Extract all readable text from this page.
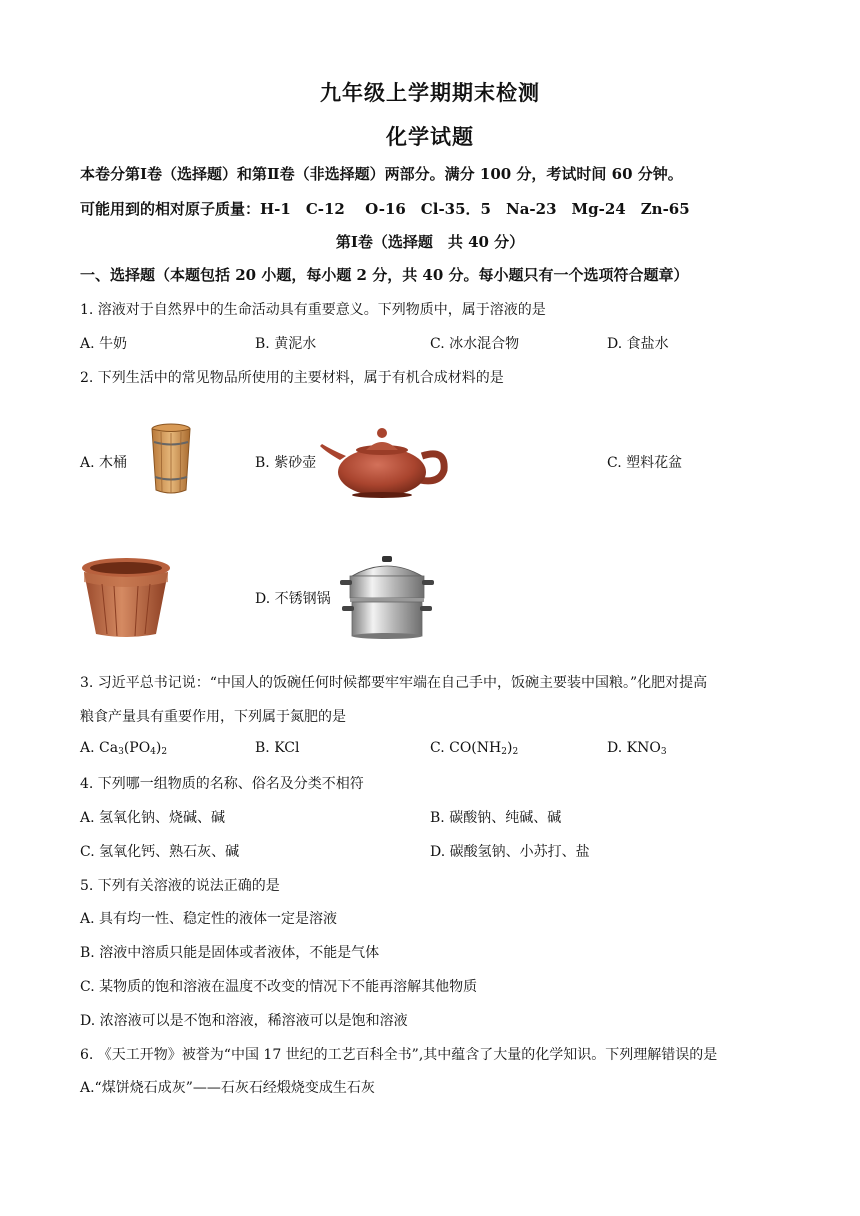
九年级上学期期末检测
化学试题
本卷分第Ⅰ卷（选择题）和第Ⅱ卷（非选择题）两部分。满分 100 分，考试时间 60 分钟。
可能用到的相对原子质量：H-1　C-12　 O-16　Cl-35．5　Na-23　Mg-24　Zn-65
第Ⅰ卷（选择题　共 40 分）
一、选择题（本题包括 20 小题，每小题 2 分，共 40 分。每小题只有一个选项符合题章）
1. 溶液对于自然界中的生命活动具有重要意义。下列物质中，属于溶液的是
A. 牛奶	B. 黄泥水	C. 冰水混合物	D. 食盐水
2. 下列生活中的常见物品所使用的主要材料，属于有机合成材料的是
A. 木桶	B. 紫砂壶	C. 塑料花盆
D. 不锈钢锅
3. 习近平总书记说：“中国人的饭碗任何时候都要牢牢端在自己手中，饭碗主要装中国粮。”化肥对提高
粮食产量具有重要作用，下列属于氮肥的是
A. $Ca_3(PO_4)_2$	B. KCl	C. $CO(NH_2)_2$	D. $KNO_3$
4. 下列哪一组物质的名称、俗名及分类不相符
A. 氢氧化钠、烧碱、碱	B. 碳酸钠、纯碱、碱
C. 氢氧化钙、熟石灰、碱	D. 碳酸氢钠、小苏打、盐
5. 下列有关溶液的说法正确的是
A. 具有均一性、稳定性的液体一定是溶液
B. 溶液中溶质只能是固体或者液体，不能是气体
C. 某物质的饱和溶液在温度不改变的情况下不能再溶解其他物质
D. 浓溶液可以是不饱和溶液，稀溶液可以是饱和溶液
6. 《天工开物》被誉为“中国 17 世纪的工艺百科全书”,其中蕴含了大量的化学知识。下列理解错误的是
A.“煤饼烧石成灰”——石灰石经煅烧变成生石灰
